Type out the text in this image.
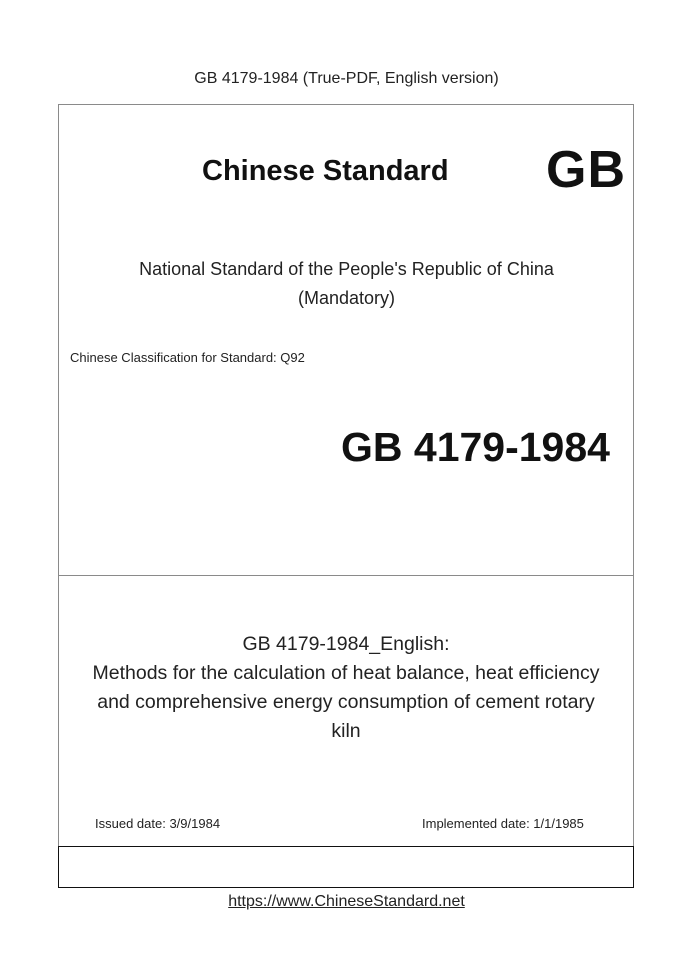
GB 4179-1984 (True-PDF, English version)
Chinese Standard GB
National Standard of the People's Republic of China
(Mandatory)
Chinese Classification for Standard: Q92
GB 4179-1984
GB 4179-1984_English:
Methods for the calculation of heat balance, heat efficiency
and comprehensive energy consumption of cement rotary
kiln
Issued date: 3/9/1984	Implemented date: 1/1/1985
https://www.ChineseStandard.net
